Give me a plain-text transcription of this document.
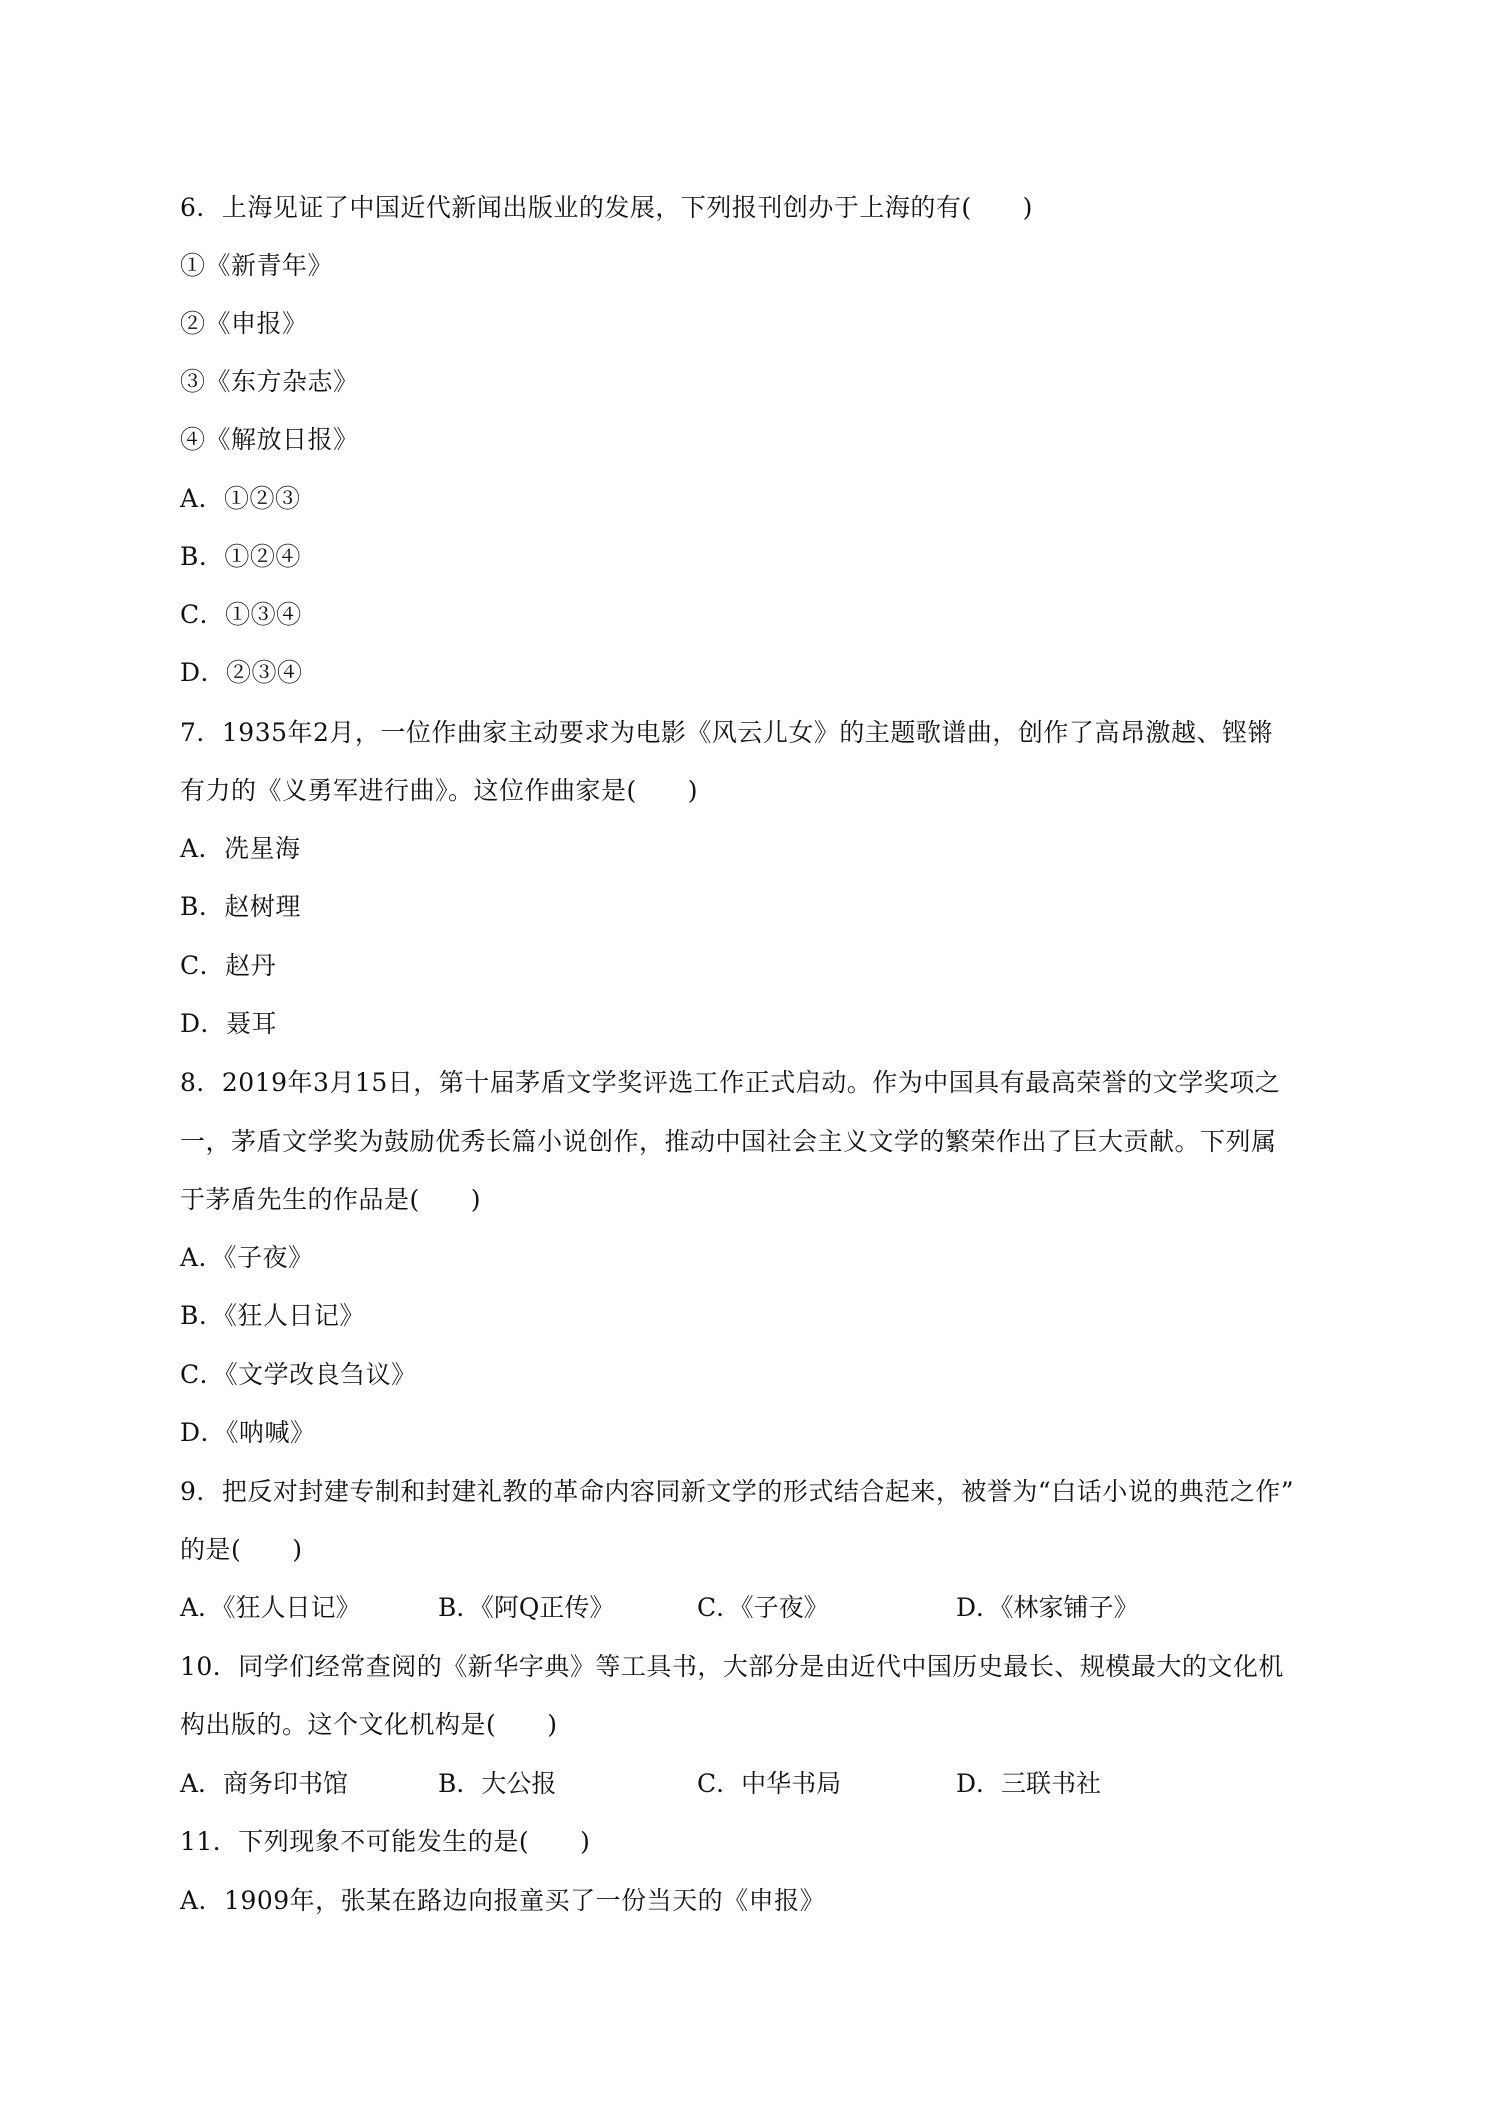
6．上海见证了中国近代新闻出版业的发展，下列报刊创办于上海的有(　　)
①《新青年》
②《申报》
③《东方杂志》
④《解放日报》
A．①②③
B．①②④
C．①③④
D．②③④
7．1935年2月，一位作曲家主动要求为电影《风云儿女》的主题歌谱曲，创作了高昂激越、铿锵
有力的《义勇军进行曲》。这位作曲家是(　　)
A．冼星海
B．赵树理
C．赵丹
D．聂耳
8．2019年3月15日，第十届茅盾文学奖评选工作正式启动。作为中国具有最高荣誉的文学奖项之
一，茅盾文学奖为鼓励优秀长篇小说创作，推动中国社会主义文学的繁荣作出了巨大贡献。下列属
于茅盾先生的作品是(　　)
A．《子夜》
B．《狂人日记》
C．《文学改良刍议》
D．《呐喊》
9．把反对封建专制和封建礼教的革命内容同新文学的形式结合起来，被誉为“白话小说的典范之作”
的是(　　)
A．《狂人日记》	B．《阿Q正传》	C．《子夜》	D．《林家铺子》
10．同学们经常查阅的《新华字典》等工具书，大部分是由近代中国历史最长、规模最大的文化机
构出版的。这个文化机构是(　　)
A．商务印书馆	B．大公报	C．中华书局	D．三联书社
11．下列现象不可能发生的是(　　)
A．1909年，张某在路边向报童买了一份当天的《申报》
